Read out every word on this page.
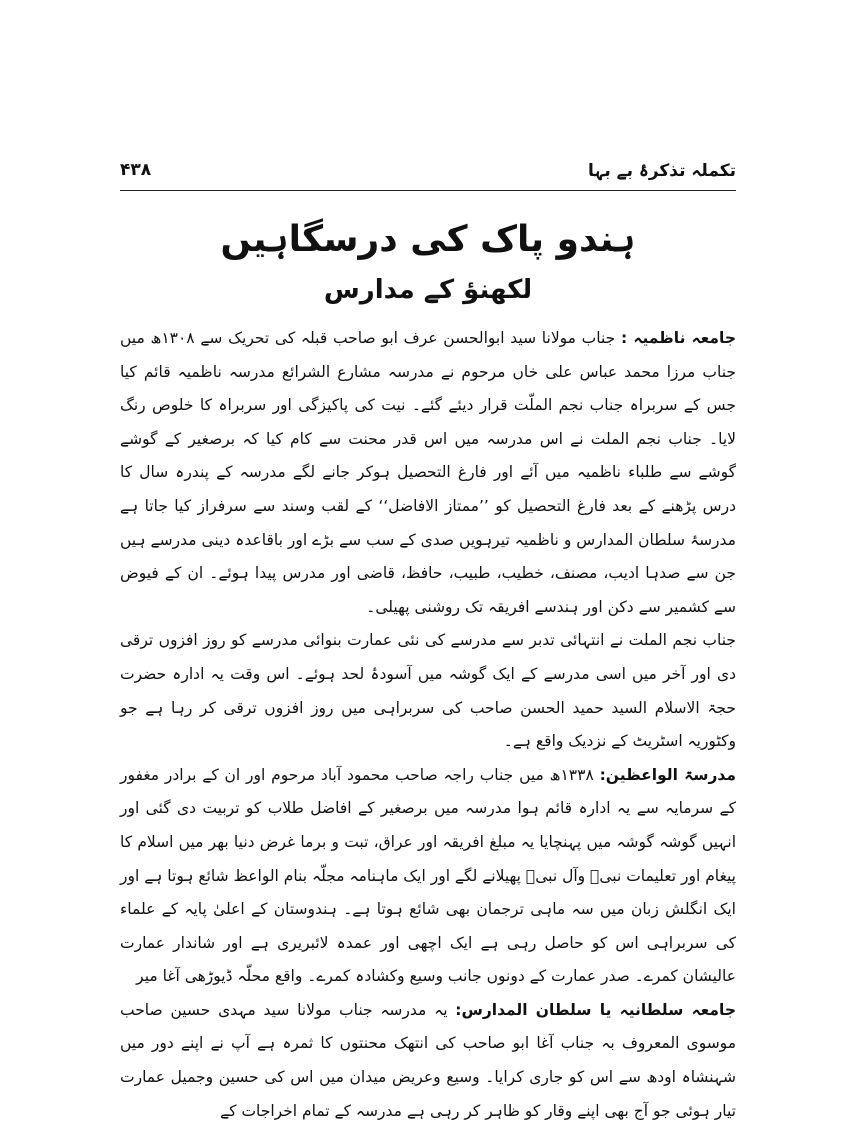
تکملہ تذکرۂ بے بہا
۴۳۸
ہندو پاک کی درسگاہیں
لکھنؤ کے مدارس

جامعہ ناظمیہ : جناب مولانا سید ابوالحسن عرف ابو صاحب قبلہ کی تحریک سے ۱۳۰۸ھ میں جناب مرزا محمد عباس علی خاں مرحوم نے مدرسہ مشارع الشرائع مدرسہ ناظمیہ قائم کیا جس کے سربراہ جناب نجم الملّت قرار دیئے گئے۔ نیت کی پاکیزگی اور سربراہ کا خلوص رنگ لایا۔ جناب نجم الملت نے اس مدرسہ میں اس قدر محنت سے کام کیا کہ برصغیر کے گوشے گوشے سے طلباء ناظمیہ میں آئے اور فارغ التحصیل ہوکر جانے لگے مدرسہ کے پندرہ سال کا درس پڑھنے کے بعد فارغ التحصیل کو ’’ممتاز الافاضل‘‘ کے لقب وسند سے سرفراز کیا جاتا ہے مدرسۂ سلطان المدارس و ناظمیہ تیرہویں صدی کے سب سے بڑے اور باقاعدہ دینی مدرسے ہیں جن سے صدہا ادیب، مصنف، خطیب، طبیب، حافظ، قاضی اور مدرس پیدا ہوئے۔ ان کے فیوض سے کشمیر سے دکن اور ہندسے افریقہ تک روشنی پھیلی۔

جناب نجم الملت نے انتہائی تدبر سے مدرسے کی نئی عمارت بنوائی مدرسے کو روز افزوں ترقی دی اور آخر میں اسی مدرسے کے ایک گوشہ میں آسودۂ لحد ہوئے۔ اس وقت یہ ادارہ حضرت حجۃ الاسلام السید حمید الحسن صاحب کی سربراہی میں روز افزوں ترقی کر رہا ہے جو وکٹوریہ اسٹریٹ کے نزدیک واقع ہے۔

مدرسۃ الواعظین: ۱۳۳۸ھ میں جناب راجہ صاحب محمود آباد مرحوم اور ان کے برادر مغفور کے سرمایہ سے یہ ادارہ قائم ہوا مدرسہ میں برصغیر کے افاضل طلاب کو تربیت دی گئی اور انہیں گوشہ گوشہ میں پہنچایا یہ مبلغ افریقہ اور عراق، تبت و برما غرض دنیا بھر میں اسلام کا پیغام اور تعلیمات نبیؐ وآل نبیؐ پھیلانے لگے اور ایک ماہنامہ مجلّہ بنام الواعظ شائع ہوتا ہے اور ایک انگلش زبان میں سہ ماہی ترجمان بھی شائع ہوتا ہے۔ ہندوستان کے اعلیٰ پایہ کے علماء کی سربراہی اس کو حاصل رہی ہے ایک اچھی اور عمدہ لائبریری ہے اور شاندار عمارت عالیشان کمرے۔ صدر عمارت کے دونوں جانب وسیع وکشادہ کمرے۔ واقع محلّہ ڈیوڑھی آغا میر

جامعہ سلطانیہ یا سلطان المدارس: یہ مدرسہ جناب مولانا سید مہدی حسین صاحب موسوی المعروف بہ جناب آغا ابو صاحب کی انتھک محنتوں کا ثمرہ ہے آپ نے اپنے دور میں شہنشاہ اودھ سے اس کو جاری کرایا۔ وسیع وعریض میدان میں اس کی حسین وجمیل عمارت تیار ہوئی جو آج بھی اپنے وقار کو ظاہر کر رہی ہے مدرسہ کے تمام اخراجات کے
